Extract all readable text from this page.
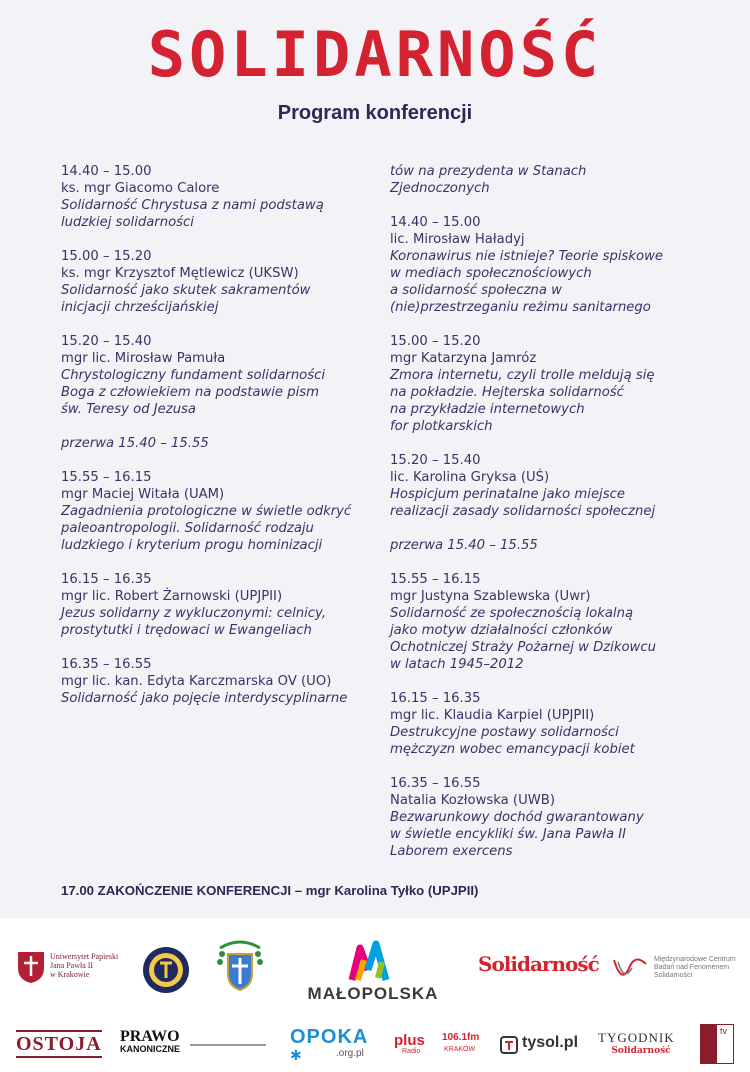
SOLIDARNOŚĆ
Program konferencji
14.40 – 15.00
ks. mgr Giacomo Calore
Solidarność Chrystusa z nami podstawą
ludzkiej solidarności
15.00 – 15.20
ks. mgr Krzysztof Mętlewicz (UKSW)
Solidarność jako skutek sakramentów
inicjacji chrześcijańskiej
15.20 – 15.40
mgr lic. Mirosław Pamuła
Chrystologiczny fundament solidarności
Boga z człowiekiem na podstawie pism
św. Teresy od Jezusa
przerwa 15.40 – 15.55
15.55 – 16.15
mgr Maciej Witała (UAM)
Zagadnienia protologiczne w świetle odkryć
paleoantropologii. Solidarność rodzaju
ludzkiego i kryterium progu hominizacji
16.15 – 16.35
mgr lic. Robert Żarnowski (UPJPII)
Jezus solidarny z wykluczonymi: celnicy,
prostytutki i trędowaci w Ewangeliach
16.35 – 16.55
mgr lic. kan. Edyta Karczmarska OV (UO)
Solidarność jako pojęcie interdyscyplinarne
tów na prezydenta w Stanach
Zjednoczonych
14.40 – 15.00
lic. Mirosław Haładyj
Koronawirus nie istnieje? Teorie spiskowe
w mediach społecznościowych
a solidarność społeczna w
(nie)przestrzeganiu reżimu sanitarnego
15.00 – 15.20
mgr Katarzyna Jamróz
Zmora internetu, czyli trolle meldują się
na pokładzie. Hejterska solidarność
na przykładzie internetowych
for plotkarskich
15.20 – 15.40
lic. Karolina Gryksa (UŚ)
Hospicjum perinatalne jako miejsce
realizacji zasady solidarności społecznej
przerwa 15.40 – 15.55
15.55 – 16.15
mgr Justyna Szablewska (Uwr)
Solidarność ze społecznością lokalną
jako motyw działalności członków
Ochotniczej Straży Pożarnej w Dzikowcu
w latach 1945–2012
16.15 – 16.35
mgr lic. Klaudia Karpiel (UPJPII)
Destrukcyjne postawy solidarności
mężczyzn wobec emancypacji kobiet
16.35 – 16.55
Natalia Kozłowska (UWB)
Bezwarunkowy dochód gwarantowany
w świetle encykliki św. Jana Pawła II
Laborem exercens
17.00 ZAKOŃCZENIE KONFERENCJI – mgr Karolina Tyłko (UPJPII)
Uniwersytet Papieski
Jana Pawła II
w Krakowie
MAŁOPOLSKA
Solidarność	Międzynarodowe Centrum
Badań nad Fenomenem
Solidarności
OSTOJA PRAWO
KANONICZNE
OPOKA
✱	.org.pl
plus
Radio
106.1fm
KRAKÓW	tysol.pl TYGODNIK
Solidarność
tv
